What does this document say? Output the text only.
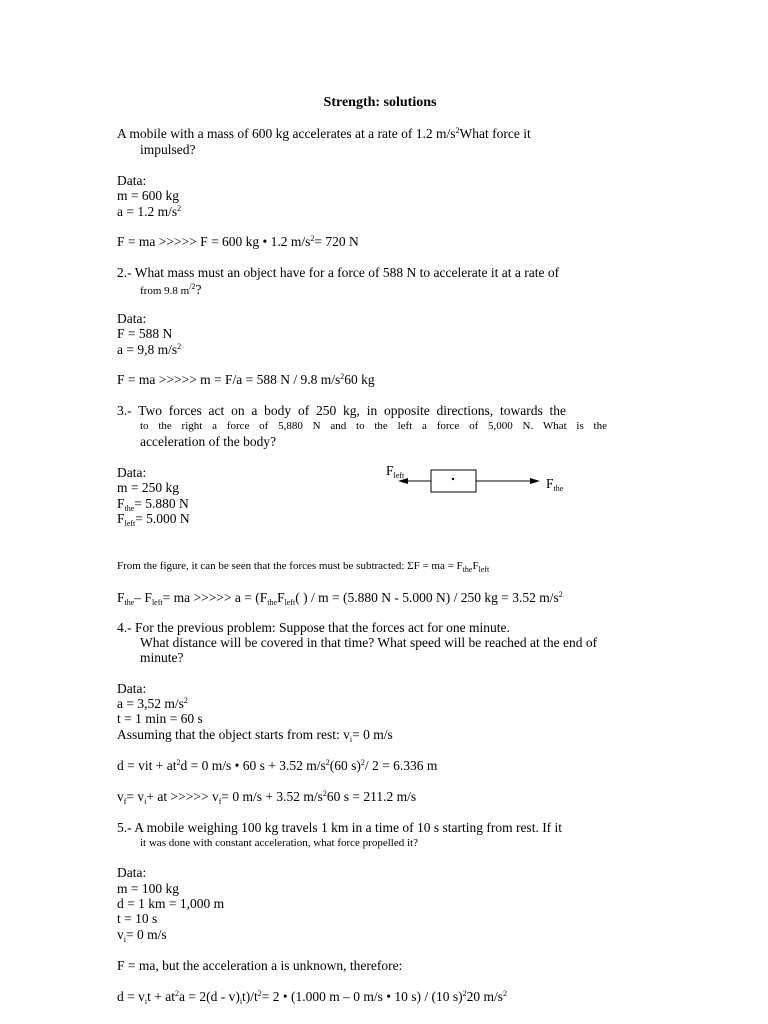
Strength: solutions
A mobile with a mass of 600 kg accelerates at a rate of 1.2 $m/s^2What$ force it
impulsed?
Data:
m = 600 kg
a = 1.2 $m/s^2$
F = ma >>>>> F = 600 kg • 1.2 $m/s^2= 720$ N
2.- What mass must an object have for a force of 588 N to accelerate it at a rate of
from 9.8 $m^{/2}$?
Data:
F = 588 N
a = 9,8 $m/s^2$
F = ma >>>>> m = F/a = 588 N / 9.8 $m/s^260$ kg
3.- Two forces act on a body of 250 kg, in opposite directions, towards the
to the right a force of 5,880 N and to the left a force of 5,000 N. What is the
acceleration of the body?
Data:
m = 250 kg
$F_{the}= 5.880$ N
$F_{left}= 5.000$ N
$F_{left}$
$F_{the}$
From the figure, it can be seen that the forces must be subtracted: ΣF = ma = $F_{the}F_{left}$
$F_{the}-$ $F_{left}=$ ma >>>>> $a = (F_{the}F_{left}$( ) / m = (5.880 N - 5.000 N) / 250 kg = 3.52 $m/s^2$
4.- For the previous problem: Suppose that the forces act for one minute.
What distance will be covered in that time? What speed will be reached at the end of
minute?
Data:
a = 3,52 $m/s^2$
t = 1 min = 60 s
Assuming that the object starts from rest: $v_i= 0$ m/s
d = vit + $at^2d = 0$ m/s • 60 s + 3.52 $m/s^2(60$ s)$^2$/ 2 = 6.336 m
$v_f= v_i+$ at >>>>> $v_f= 0$ m/s + 3.52 $m/s^260$ s = 211.2 m/s
5.- A mobile weighing 100 kg travels 1 km in a time of 10 s starting from rest. If it
it was done with constant acceleration, what force propelled it?
Data:
m = 100 kg
d = 1 km = 1,000 m
t = 10 s
$v_i= 0$ m/s
F = ma, but the acceleration a is unknown, therefore:
$d = v_it + at^2a = 2(d - v)_it)/t^2= 2$ • (1.000 m – 0 m/s • 10 s) / (10 s)$^2$20 $m/s^2$
